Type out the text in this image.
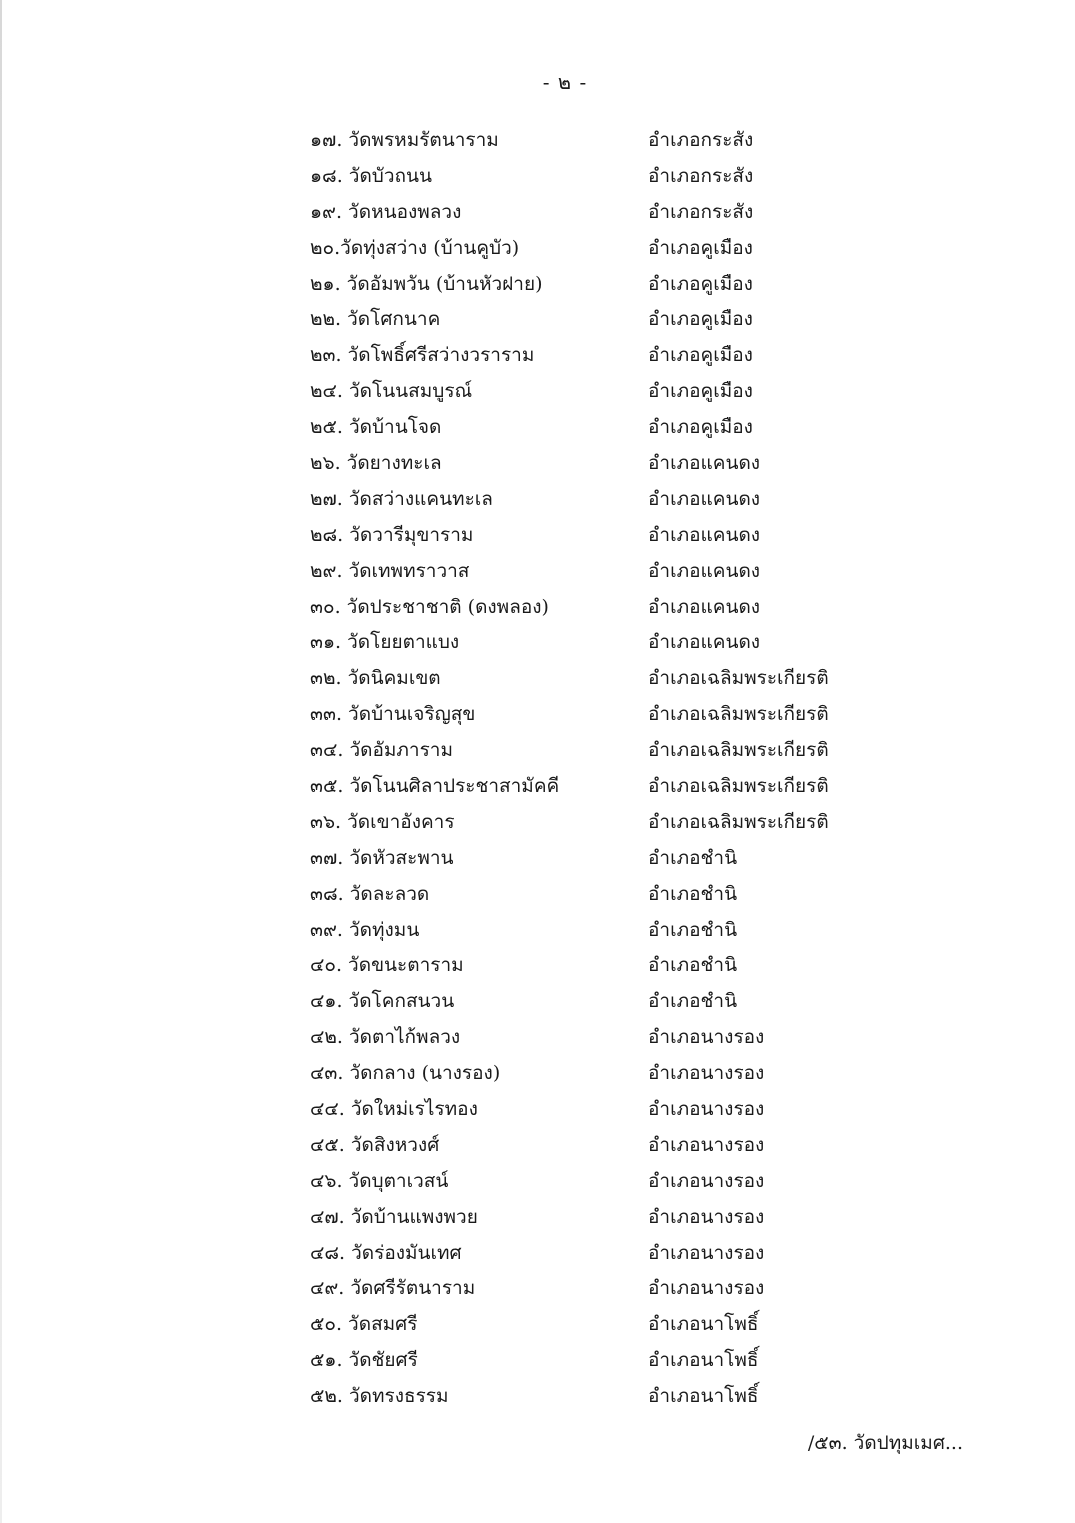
- ๒ -
๑๗. วัดพรหมรัตนาราม	อำเภอกระสัง
๑๘. วัดบัวถนน	อำเภอกระสัง
๑๙. วัดหนองพลวง	อำเภอกระสัง
๒๐.วัดทุ่งสว่าง (บ้านคูบัว)	อำเภอคูเมือง
๒๑. วัดอัมพวัน (บ้านหัวฝาย)	อำเภอคูเมือง
๒๒. วัดโศกนาค	อำเภอคูเมือง
๒๓. วัดโพธิ์ศรีสว่างวราราม	อำเภอคูเมือง
๒๔. วัดโนนสมบูรณ์	อำเภอคูเมือง
๒๕. วัดบ้านโจด	อำเภอคูเมือง
๒๖. วัดยางทะเล	อำเภอแคนดง
๒๗. วัดสว่างแคนทะเล	อำเภอแคนดง
๒๘. วัดวารีมุขาราม	อำเภอแคนดง
๒๙. วัดเทพทราวาส	อำเภอแคนดง
๓๐. วัดประชาชาติ (ดงพลอง)	อำเภอแคนดง
๓๑. วัดโยยตาแบง	อำเภอแคนดง
๓๒. วัดนิคมเขต	อำเภอเฉลิมพระเกียรติ
๓๓. วัดบ้านเจริญสุข	อำเภอเฉลิมพระเกียรติ
๓๔. วัดอัมภาราม	อำเภอเฉลิมพระเกียรติ
๓๕. วัดโนนศิลาประชาสามัคคี	อำเภอเฉลิมพระเกียรติ
๓๖. วัดเขาอังคาร	อำเภอเฉลิมพระเกียรติ
๓๗. วัดหัวสะพาน	อำเภอชำนิ
๓๘. วัดละลวด	อำเภอชำนิ
๓๙. วัดทุ่งมน	อำเภอชำนิ
๔๐. วัดขนะตาราม	อำเภอชำนิ
๔๑. วัดโคกสนวน	อำเภอชำนิ
๔๒. วัดตาไก้พลวง	อำเภอนางรอง
๔๓. วัดกลาง (นางรอง)	อำเภอนางรอง
๔๔. วัดใหม่เรไรทอง	อำเภอนางรอง
๔๕. วัดสิงหวงศ์	อำเภอนางรอง
๔๖. วัดบุตาเวสน์	อำเภอนางรอง
๔๗. วัดบ้านแพงพวย	อำเภอนางรอง
๔๘. วัดร่องมันเทศ	อำเภอนางรอง
๔๙. วัดศรีรัตนาราม	อำเภอนางรอง
๕๐. วัดสมศรี	อำเภอนาโพธิ์
๕๑. วัดชัยศรี	อำเภอนาโพธิ์
๕๒. วัดทรงธรรม	อำเภอนาโพธิ์
/๕๓. วัดปทุมเมศ...
